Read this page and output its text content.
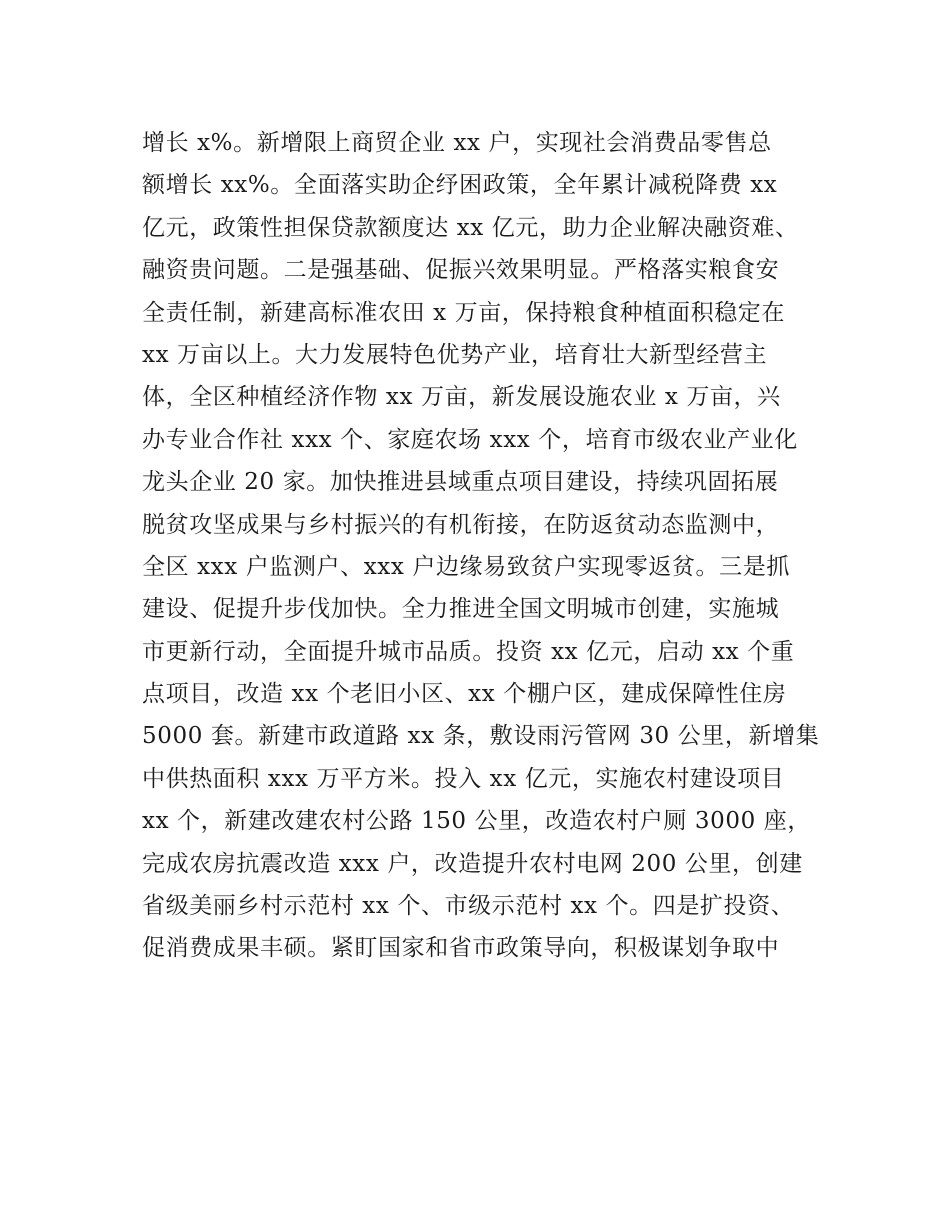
增长 x%。新增限上商贸企业 xx 户，实现社会消费品零售总
额增长 xx%。全面落实助企纾困政策，全年累计减税降费 xx
亿元，政策性担保贷款额度达 xx 亿元，助力企业解决融资难、
融资贵问题。二是强基础、促振兴效果明显。严格落实粮食安
全责任制，新建高标准农田 x 万亩，保持粮食种植面积稳定在
xx 万亩以上。大力发展特色优势产业，培育壮大新型经营主
体，全区种植经济作物 xx 万亩，新发展设施农业 x 万亩，兴
办专业合作社 xxx 个、家庭农场 xxx 个，培育市级农业产业化
龙头企业 20 家。加快推进县域重点项目建设，持续巩固拓展
脱贫攻坚成果与乡村振兴的有机衔接，在防返贫动态监测中，
全区 xxx 户监测户、xxx 户边缘易致贫户实现零返贫。三是抓
建设、促提升步伐加快。全力推进全国文明城市创建，实施城
市更新行动，全面提升城市品质。投资 xx 亿元，启动 xx 个重
点项目，改造 xx 个老旧小区、xx 个棚户区，建成保障性住房
5000 套。新建市政道路 xx 条，敷设雨污管网 30 公里，新增集
中供热面积 xxx 万平方米。投入 xx 亿元，实施农村建设项目
xx 个，新建改建农村公路 150 公里，改造农村户厕 3000 座，
完成农房抗震改造 xxx 户，改造提升农村电网 200 公里，创建
省级美丽乡村示范村 xx 个、市级示范村 xx 个。四是扩投资、
促消费成果丰硕。紧盯国家和省市政策导向，积极谋划争取中
